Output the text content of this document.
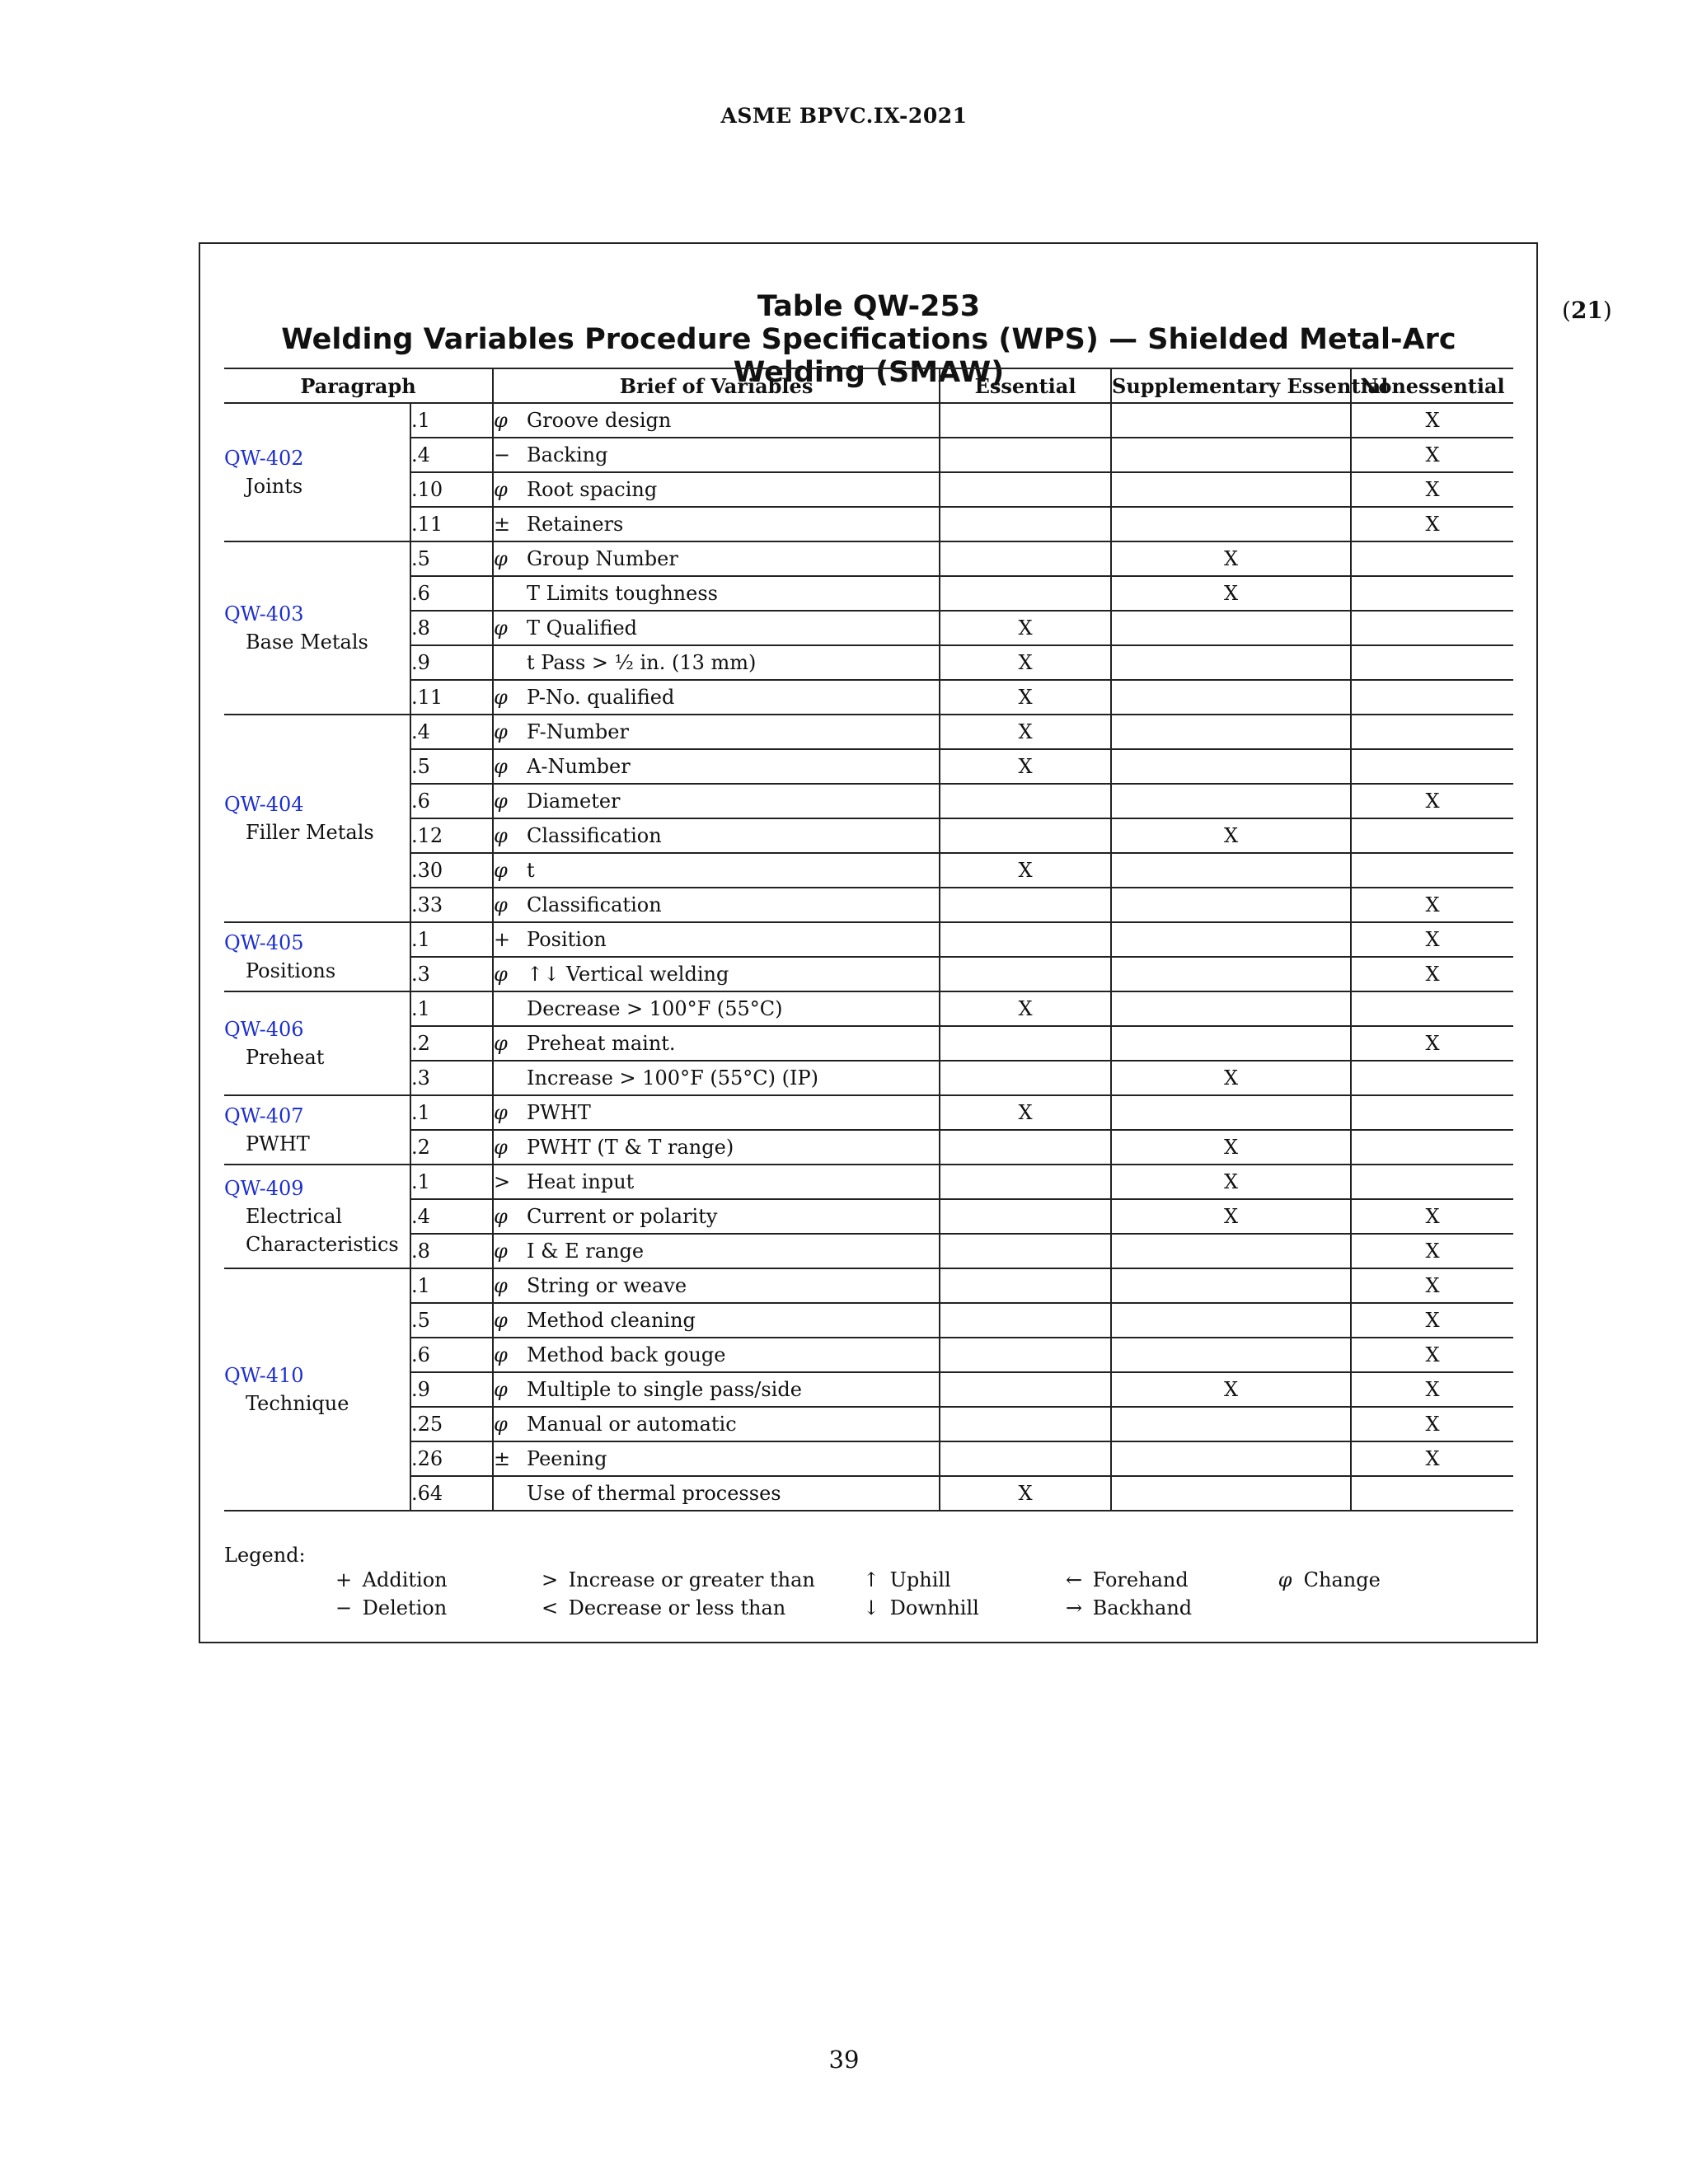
ASME BPVC.IX-2021
(21)
Table QW-253
Welding Variables Procedure Specifications (WPS) — Shielded Metal-Arc Welding (SMAW)
Paragraph		Brief of Variables	Essential	Supplementary Essential	Nonessential

QW-402
Joints	.1	φ Groove design			X
	.4	− Backing			X
	.10	φ Root spacing			X
	.11	± Retainers			X

QW-403
Base Metals	.5	φ Group Number		X	
	.6	T Limits toughness		X	
	.8	φ T Qualified	X		
	.9	t Pass > ½ in. (13 mm)	X		
	.11	φ P-No. qualified	X		

QW-404
Filler Metals	.4	φ F-Number	X		
	.5	φ A-Number	X		
	.6	φ Diameter			X
	.12	φ Classification		X	
	.30	φ t	X		
	.33	φ Classification			X

QW-405
Positions	.1	+ Position			X
	.3	φ ↑↓ Vertical welding			X

QW-406
Preheat	.1	Decrease > 100°F (55°C)	X		
	.2	φ Preheat maint.			X
	.3	Increase > 100°F (55°C) (IP)		X	

QW-407
PWHT	.1	φ PWHT	X		
	.2	φ PWHT (T & T range)		X	

QW-409
Electrical
Characteristics	.1	> Heat input		X	
	.4	φ Current or polarity		X	X
	.8	φ I & E range			X

QW-410
Technique	.1	φ String or weave			X
	.5	φ Method cleaning			X
	.6	φ Method back gouge			X
	.9	φ Multiple to single pass/side		X	X
	.25	φ Manual or automatic			X
	.26	± Peening			X
	.64	Use of thermal processes	X		
Legend:
+ Addition
− Deletion
> Increase or greater than
< Decrease or less than
↑ Uphill
↓ Downhill
← Forehand
→ Backhand
φ Change
39
